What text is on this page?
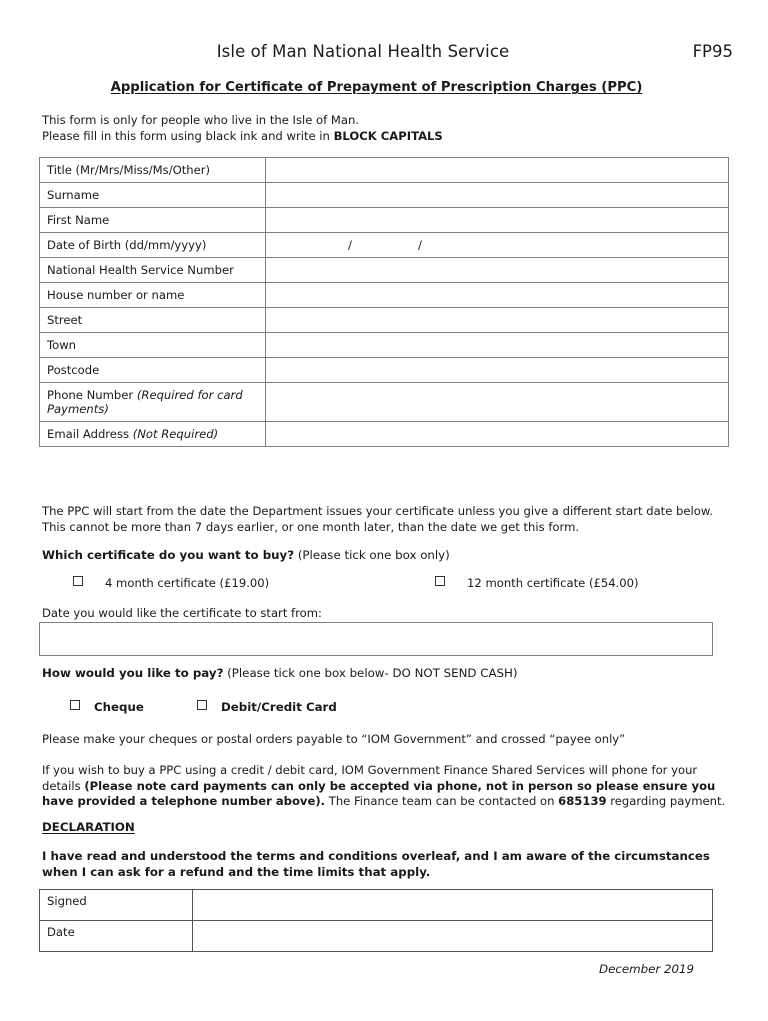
Isle of Man National Health Service	FP95
Application for Certificate of Prepayment of Prescription Charges (PPC)
This form is only for people who live in the Isle of Man.
Please fill in this form using black ink and write in BLOCK CAPITALS
Title (Mr/Mrs/Miss/Ms/Other)	
Surname	
First Name	
Date of Birth (dd/mm/yyyy)	/ /

National Health Service Number	
House number or name	
Street	
Town	
Postcode	
Phone Number (Required for card Payments)	
Email Address (Not Required)	
The PPC will start from the date the Department issues your certificate unless you give a different start date below.
This cannot be more than 7 days earlier, or one month later, than the date we get this form.
Which certificate do you want to buy? (Please tick one box only)
4 month certificate (£19.00)	12 month certificate (£54.00)
Date you would like the certificate to start from:
How would you like to pay? (Please tick one box below- DO NOT SEND CASH)
Cheque	Debit/Credit Card
Please make your cheques or postal orders payable to “IOM Government” and crossed “payee only”
If you wish to buy a PPC using a credit / debit card, IOM Government Finance Shared Services will phone for your details (Please note card payments can only be accepted via phone, not in person so please ensure you have provided a telephone number above). The Finance team can be contacted on 685139 regarding payment.
DECLARATION
I have read and understood the terms and conditions overleaf, and I am aware of the circumstances when I can ask for a refund and the time limits that apply.
Signed	
Date	
December 2019
